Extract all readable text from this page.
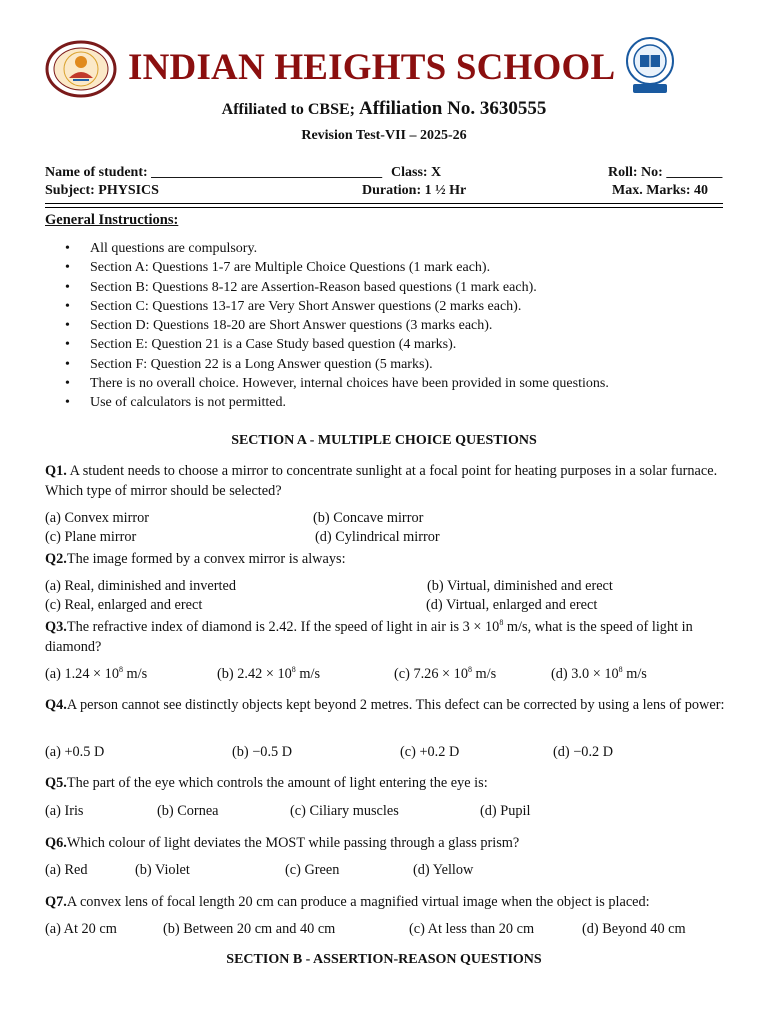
INDIAN HEIGHTS SCHOOL
Affiliated to CBSE; Affiliation No. 3630555
Revision Test-VII – 2025-26
Name of student: _________________________________ Class: X	Roll: No: ________
Subject: PHYSICS	Duration: 1 ½ Hr	Max. Marks: 40
General Instructions:
• All questions are compulsory.
• Section A: Questions 1-7 are Multiple Choice Questions (1 mark each).
• Section B: Questions 8-12 are Assertion-Reason based questions (1 mark each).
• Section C: Questions 13-17 are Very Short Answer questions (2 marks each).
• Section D: Questions 18-20 are Short Answer questions (3 marks each).
• Section E: Question 21 is a Case Study based question (4 marks).
• Section F: Question 22 is a Long Answer question (5 marks).
• There is no overall choice. However, internal choices have been provided in some questions.
• Use of calculators is not permitted.
SECTION A - MULTIPLE CHOICE QUESTIONS
Q1. A student needs to choose a mirror to concentrate sunlight at a focal point for heating purposes in a solar furnace. Which type of mirror should be selected?
(a) Convex mirror	(b) Concave mirror
(c) Plane mirror	(d) Cylindrical mirror
Q2.The image formed by a convex mirror is always:
(a) Real, diminished and inverted	(b) Virtual, diminished and erect
(c) Real, enlarged and erect	(d) Virtual, enlarged and erect
Q3.The refractive index of diamond is 2.42. If the speed of light in air is $3 \times 10^8$ m/s, what is the speed of light in diamond?
(a) $1.24 \times 10^8$ m/s	(b) $2.42 \times 10^8$ m/s	(c) $7.26 \times 10^8$ m/s	(d) $3.0 \times 10^8$ m/s
Q4.A person cannot see distinctly objects kept beyond 2 metres. This defect can be corrected by using a lens of power:
(a) +0.5 D	(b) −0.5 D	(c) +0.2 D	(d) −0.2 D
Q5.The part of the eye which controls the amount of light entering the eye is:
(a) Iris	(b) Cornea	(c) Ciliary muscles	(d) Pupil
Q6.Which colour of light deviates the MOST while passing through a glass prism?
(a) Red	(b) Violet	(c) Green	(d) Yellow
Q7.A convex lens of focal length 20 cm can produce a magnified virtual image when the object is placed:
(a) At 20 cm	(b) Between 20 cm and 40 cm	(c) At less than 20 cm	(d) Beyond 40 cm
SECTION B - ASSERTION-REASON QUESTIONS
